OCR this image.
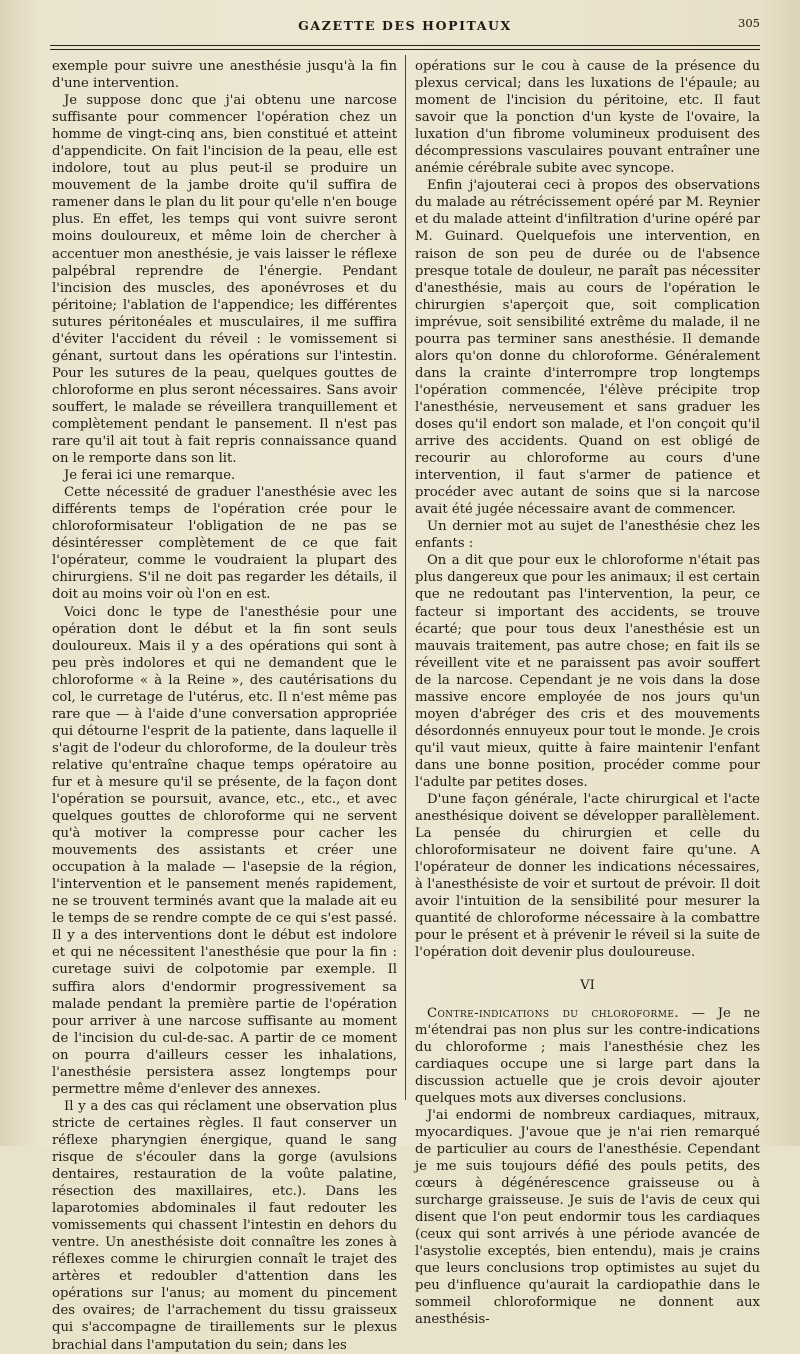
GAZETTE DES HOPITAUX	305

exemple pour suivre une anesthésie jusqu'à la fin d'une intervention.

Je suppose donc que j'ai obtenu une narcose suffisante pour commencer l'opération chez un homme de vingt-cinq ans, bien constitué et atteint d'appendicite. On fait l'incision de la peau, elle est indolore, tout au plus peut-il se produire un mouvement de la jambe droite qu'il suffira de ramener dans le plan du lit pour qu'elle n'en bouge plus. En effet, les temps qui vont suivre seront moins douloureux, et même loin de chercher à accentuer mon anesthésie, je vais laisser le réflexe palpébral reprendre de l'énergie. Pendant l'incision des muscles, des aponévroses et du péritoine; l'ablation de l'appendice; les différentes sutures péritonéales et musculaires, il me suffira d'éviter l'accident du réveil : le vomissement si génant, surtout dans les opérations sur l'intestin. Pour les sutures de la peau, quelques gouttes de chloroforme en plus seront nécessaires. Sans avoir souffert, le malade se réveillera tranquillement et complètement pendant le pansement. Il n'est pas rare qu'il ait tout à fait repris connaissance quand on le remporte dans son lit.

Je ferai ici une remarque.

Cette nécessité de graduer l'anesthésie avec les différents temps de l'opération crée pour le chloroformisateur l'obligation de ne pas se désintéresser complètement de ce que fait l'opérateur, comme le voudraient la plupart des chirurgiens. S'il ne doit pas regarder les détails, il doit au moins voir où l'on en est.

Voici donc le type de l'anesthésie pour une opération dont le début et la fin sont seuls douloureux. Mais il y a des opérations qui sont à peu près indolores et qui ne demandent que le chloroforme « à la Reine », des cautérisations du col, le curretage de l'utérus, etc. Il n'est même pas rare que — à l'aide d'une conversation appropriée qui détourne l'esprit de la patiente, dans laquelle il s'agit de l'odeur du chloroforme, de la douleur très relative qu'entraîne chaque temps opératoire au fur et à mesure qu'il se présente, de la façon dont l'opération se poursuit, avance, etc., etc., et avec quelques gouttes de chloroforme qui ne servent qu'à motiver la compresse pour cacher les mouvements des assistants et créer une occupation à la malade — l'asepsie de la région, l'intervention et le pansement menés rapidement, ne se trouvent terminés avant que la malade ait eu le temps de se rendre compte de ce qui s'est passé. Il y a des interventions dont le début est indolore et qui ne nécessitent l'anesthésie que pour la fin : curetage suivi de colpotomie par exemple. Il suffira alors d'endormir progressivement sa malade pendant la première partie de l'opération pour arriver à une narcose suffisante au moment de l'incision du cul-de-sac. A partir de ce moment on pourra d'ailleurs cesser les inhalations, l'anesthésie persistera assez longtemps pour permettre même d'enlever des annexes.

Il y a des cas qui réclament une observation plus stricte de certaines règles. Il faut conserver un réflexe pharyngien énergique, quand le sang risque de s'écouler dans la gorge (avulsions dentaires, restauration de la voûte palatine, résection des maxillaires, etc.). Dans les laparotomies abdominales il faut redouter les vomissements qui chassent l'intestin en dehors du ventre. Un anesthésiste doit connaître les zones à réflexes comme le chirurgien connaît le trajet des artères et redoubler d'attention dans les opérations sur l'anus; au moment du pincement des ovaires; de l'arrachement du tissu graisseux qui s'accompagne de tiraillements sur le plexus brachial dans l'amputation du sein; dans les

opérations sur le cou à cause de la présence du plexus cervical; dans les luxations de l'épaule; au moment de l'incision du péritoine, etc. Il faut savoir que la ponction d'un kyste de l'ovaire, la luxation d'un fibrome volumineux produisent des décompressions vasculaires pouvant entraîner une anémie cérébrale subite avec syncope.

Enfin j'ajouterai ceci à propos des observations du malade au rétrécissement opéré par M. Reynier et du malade atteint d'infiltration d'urine opéré par M. Guinard. Quelquefois une intervention, en raison de son peu de durée ou de l'absence presque totale de douleur, ne paraît pas nécessiter d'anesthésie, mais au cours de l'opération le chirurgien s'aperçoit que, soit complication imprévue, soit sensibilité extrême du malade, il ne pourra pas terminer sans anesthésie. Il demande alors qu'on donne du chloroforme. Généralement dans la crainte d'interrompre trop longtemps l'opération commencée, l'élève précipite trop l'anesthésie, nerveusement et sans graduer les doses qu'il endort son malade, et l'on conçoit qu'il arrive des accidents. Quand on est obligé de recourir au chloroforme au cours d'une intervention, il faut s'armer de patience et procéder avec autant de soins que si la narcose avait été jugée nécessaire avant de commencer.

Un dernier mot au sujet de l'anesthésie chez les enfants :

On a dit que pour eux le chloroforme n'était pas plus dangereux que pour les animaux; il est certain que ne redoutant pas l'intervention, la peur, ce facteur si important des accidents, se trouve écarté; que pour tous deux l'anesthésie est un mauvais traitement, pas autre chose; en fait ils se réveillent vite et ne paraissent pas avoir souffert de la narcose. Cependant je ne vois dans la dose massive encore employée de nos jours qu'un moyen d'abréger des cris et des mouvements désordonnés ennuyeux pour tout le monde. Je crois qu'il vaut mieux, quitte à faire maintenir l'enfant dans une bonne position, procéder comme pour l'adulte par petites doses.

D'une façon générale, l'acte chirurgical et l'acte anesthésique doivent se développer parallèlement. La pensée du chirurgien et celle du chloroformisateur ne doivent faire qu'une. A l'opérateur de donner les indications nécessaires, à l'anesthésiste de voir et surtout de prévoir. Il doit avoir l'intuition de la sensibilité pour mesurer la quantité de chloroforme nécessaire à la combattre pour le présent et à prévenir le réveil si la suite de l'opération doit devenir plus douloureuse.

VI

Contre-indications du chloroforme. — Je ne m'étendrai pas non plus sur les contre-indications du chloroforme ; mais l'anesthésie chez les cardiaques occupe une si large part dans la discussion actuelle que je crois devoir ajouter quelques mots aux diverses conclusions.

J'ai endormi de nombreux cardiaques, mitraux, myocardiques. J'avoue que je n'ai rien remarqué de particulier au cours de l'anesthésie. Cependant je me suis toujours défié des pouls petits, des cœurs à dégénérescence graisseuse ou à surcharge graisseuse. Je suis de l'avis de ceux qui disent que l'on peut endormir tous les cardiaques (ceux qui sont arrivés à une période avancée de l'asystolie exceptés, bien entendu), mais je crains que leurs conclusions trop optimistes au sujet du peu d'influence qu'aurait la cardiopathie dans le sommeil chloroformique ne donnent aux anesthésis-
